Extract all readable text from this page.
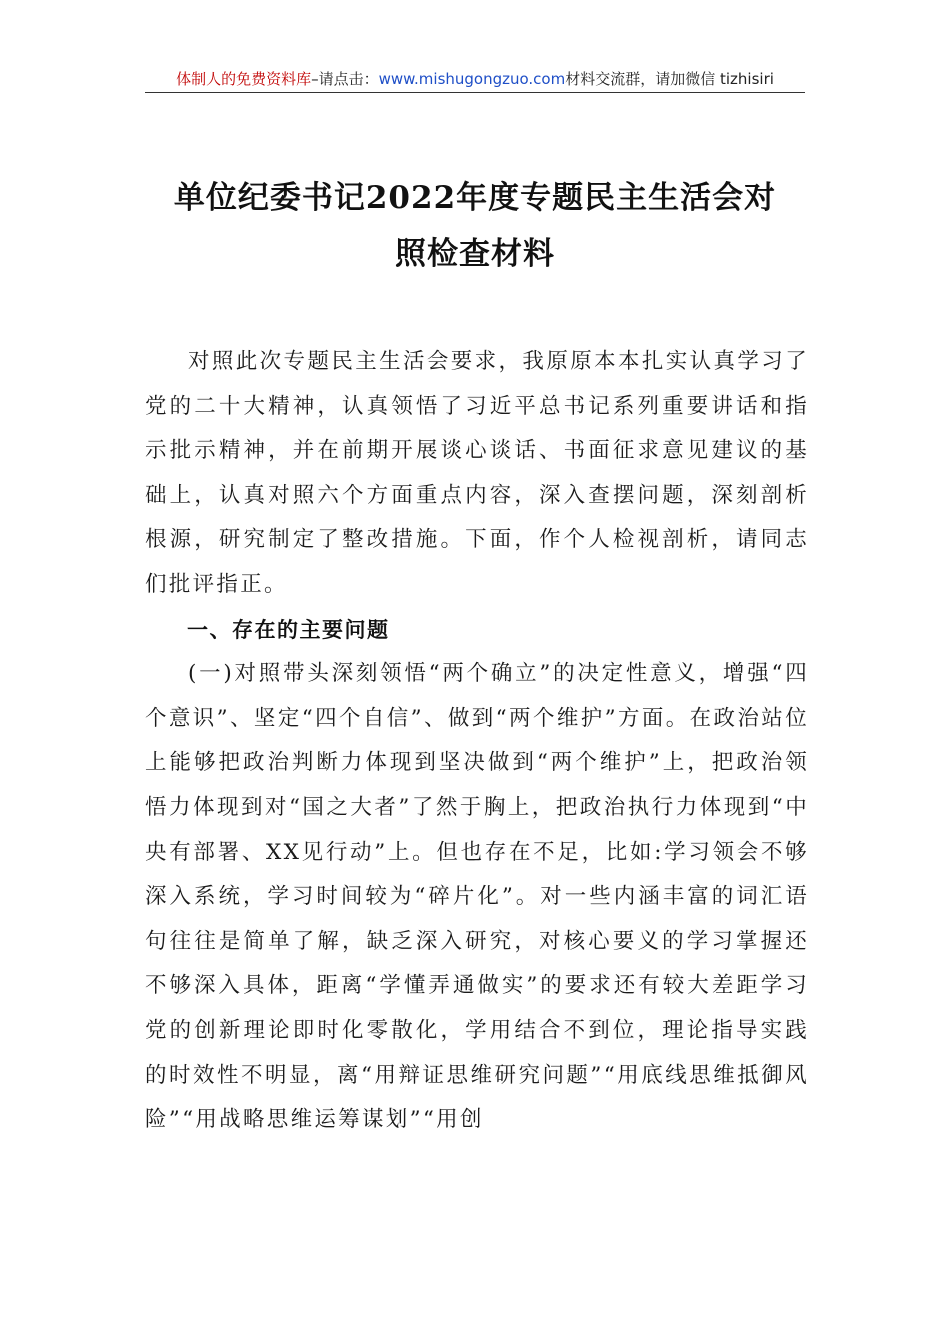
体制人的免费资料库–请点击：www.mishugongzuo.com材料交流群，请加微信 tizhisiri
单位纪委书记2022年度专题民主生活会对
照检查材料

对照此次专题民主生活会要求，我原原本本扎实认真学习了党的二十大精神，认真领悟了习近平总书记系列重要讲话和指示批示精神，并在前期开展谈心谈话、书面征求意见建议的基础上，认真对照六个方面重点内容，深入查摆问题，深刻剖析根源，研究制定了整改措施。下面，作个人检视剖析，请同志们批评指正。

一、存在的主要问题

(一)对照带头深刻领悟“两个确立”的决定性意义，增强“四个意识”、坚定“四个自信”、做到“两个维护”方面。在政治站位上能够把政治判断力体现到坚决做到“两个维护”上，把政治领悟力体现到对“国之大者”了然于胸上，把政治执行力体现到“中央有部署、XX见行动”上。但也存在不足，比如:学习领会不够深入系统，学习时间较为“碎片化”。对一些内涵丰富的词汇语句往往是简单了解，缺乏深入研究，对核心要义的学习掌握还不够深入具体，距离“学懂弄通做实”的要求还有较大差距学习党的创新理论即时化零散化，学用结合不到位，理论指导实践的时效性不明显，离“用辩证思维研究问题”“用底线思维抵御风险”“用战略思维运筹谋划”“用创
